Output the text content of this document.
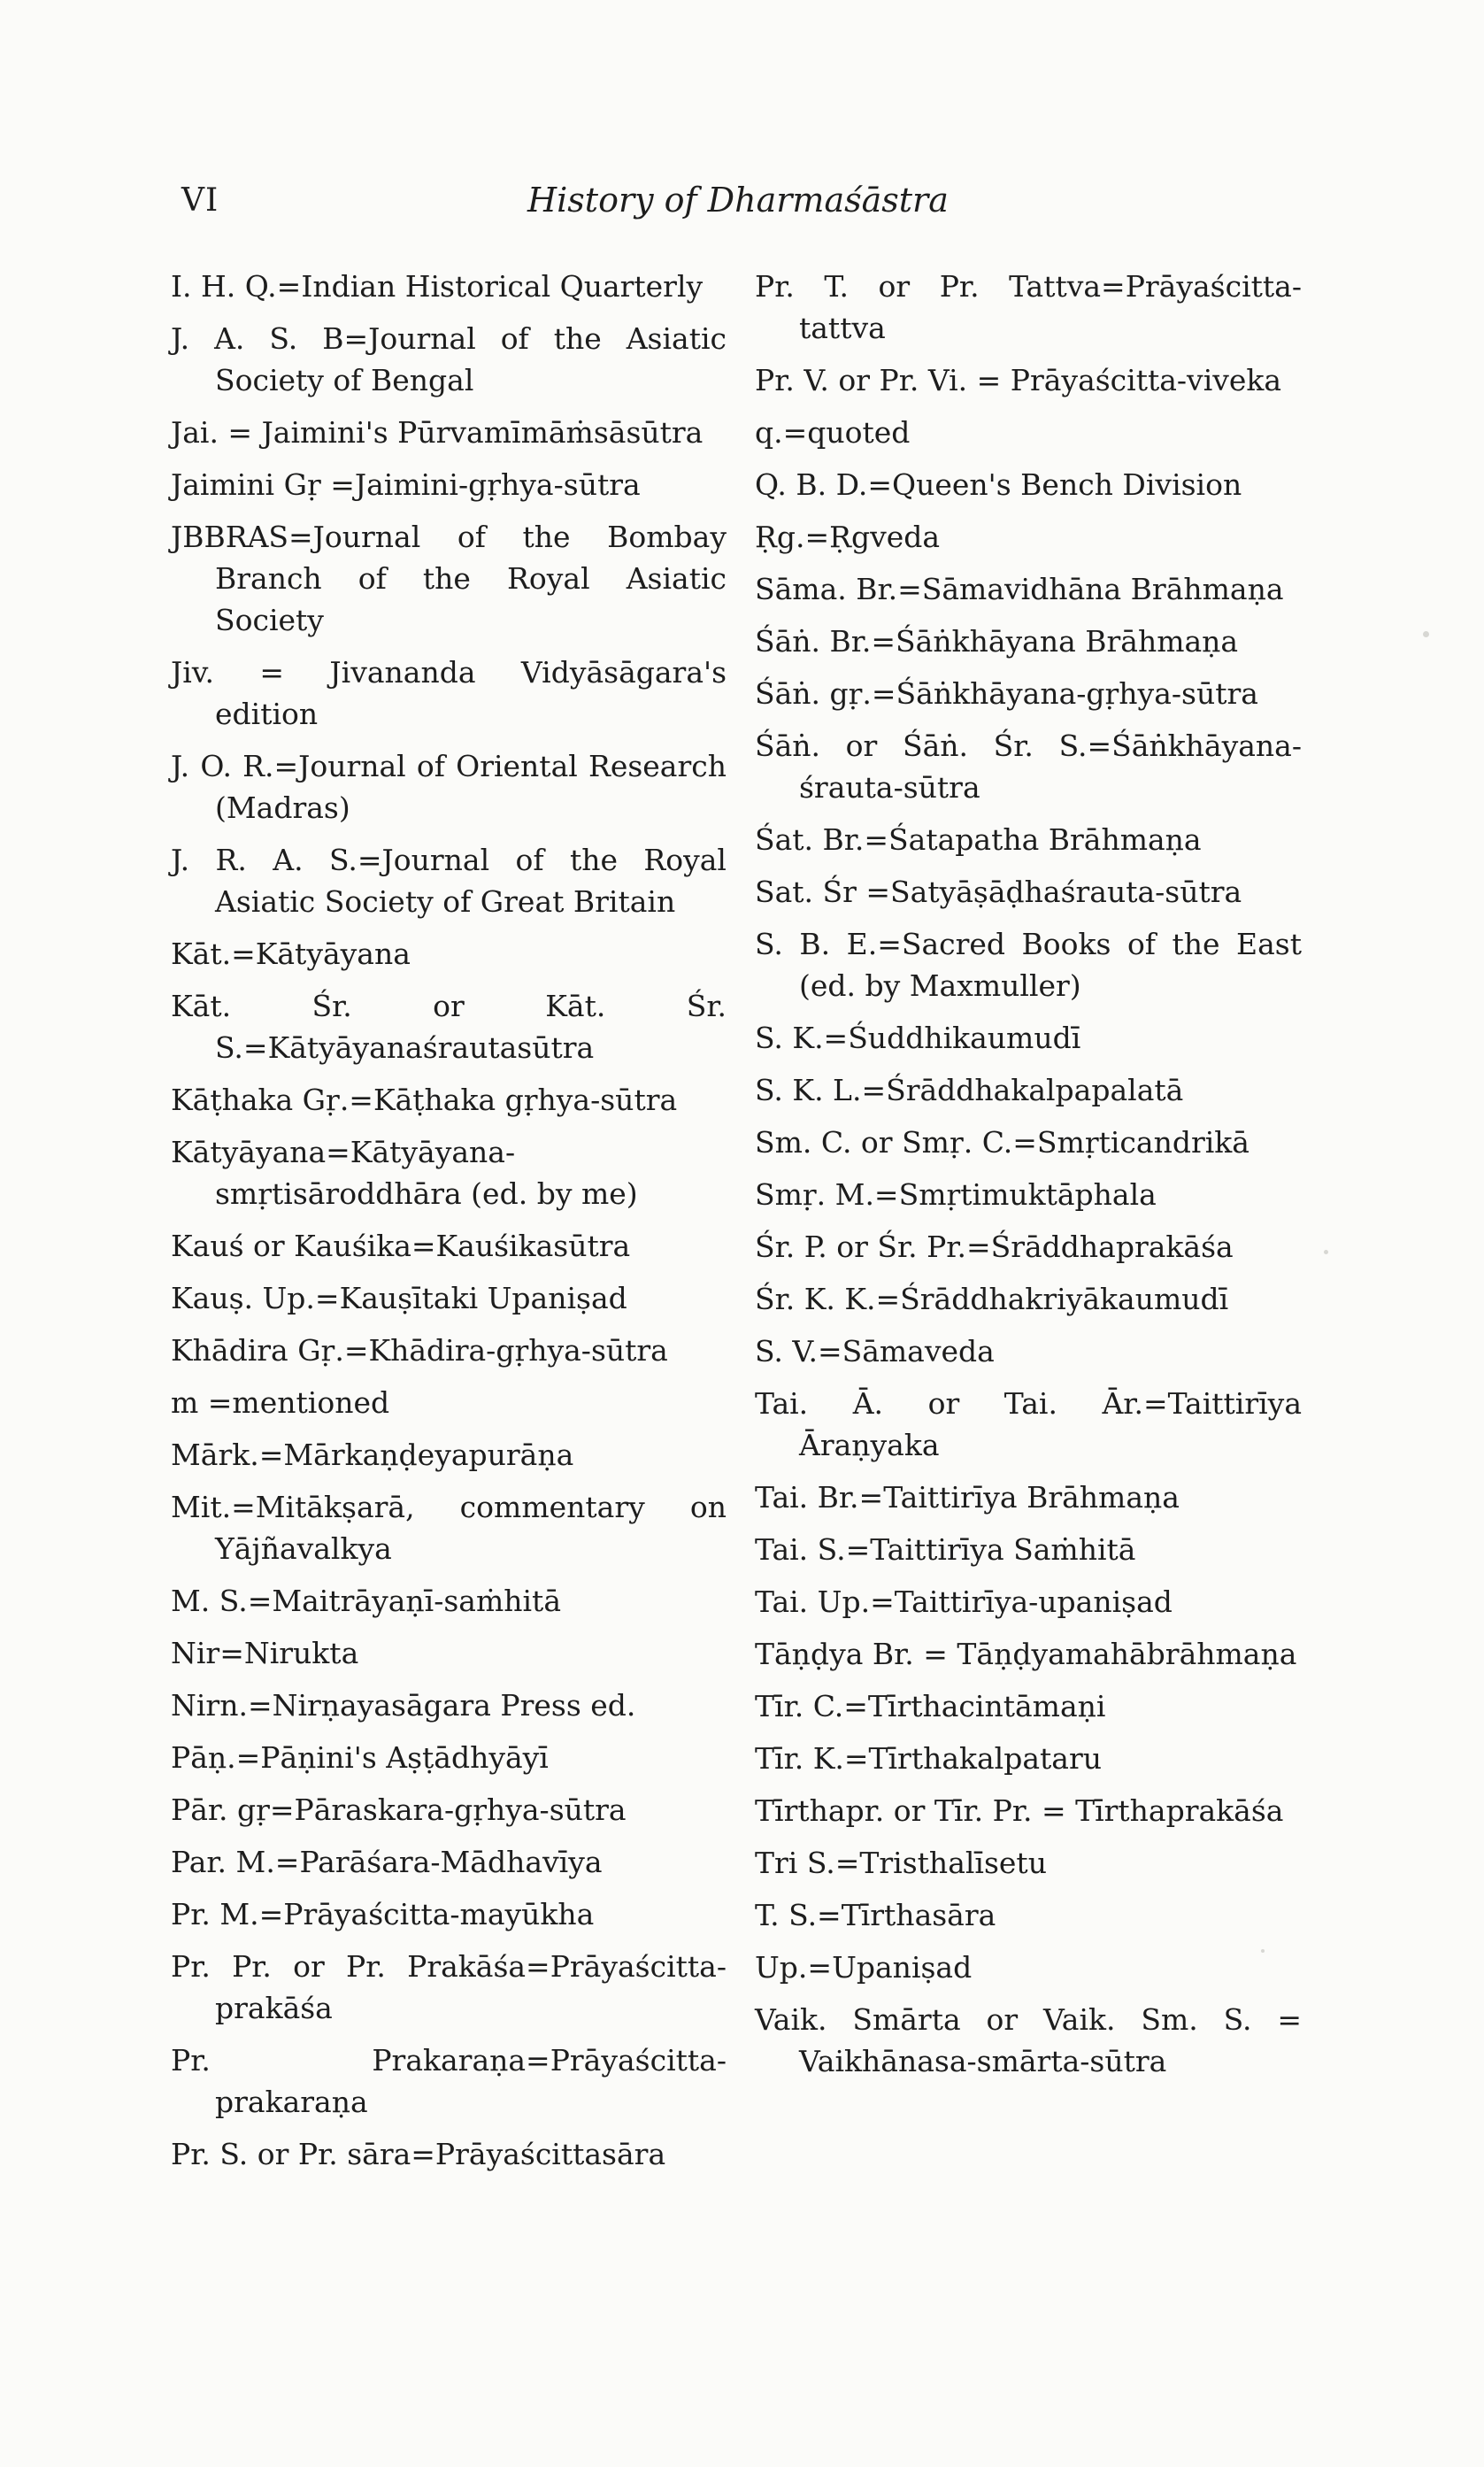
VI	History of Dharmaśāstra
I. H. Q.=Indian Historical Quarterly
J. A. S. B=Journal of the Asiatic Society of Bengal
Jai. = Jaimini's Pūrvamīmāṁsāsūtra
Jaimini Gṛ =Jaimini-gṛhya-sūtra
JBBRAS=Journal of the Bombay Branch of the Royal Asiatic Society
Jiv. = Jivananda Vidyāsāgara's edition
J. O. R.=Journal of Oriental Research (Madras)
J. R. A. S.=Journal of the Royal Asiatic Society of Great Britain
Kāt.=Kātyāyana
Kāt. Śr. or Kāt. Śr. S.=Kātyāyanaśrautasūtra
Kāṭhaka Gṛ.=Kāṭhaka gṛhya-sūtra
Kātyāyana=Kātyāyana-smṛtisāroddhāra (ed. by me)
Kauś or Kauśika=Kauśikasūtra
Kauṣ. Up.=Kauṣītaki Upaniṣad
Khādira Gṛ.=Khādira-gṛhya-sūtra
m =mentioned
Mārk.=Mārkaṇḍeyapurāṇa
Mit.=Mitākṣarā, commentary on Yājñavalkya
M. S.=Maitrāyaṇī-saṁhitā
Nir=Nirukta
Nirn.=Nirṇayasāgara Press ed.
Pāṇ.=Pāṇini's Aṣṭādhyāyī
Pār. gṛ=Pāraskara-gṛhya-sūtra
Par. M.=Parāśara-Mādhavīya
Pr. M.=Prāyaścitta-mayūkha
Pr. Pr. or Pr. Prakāśa=Prāyaścitta-prakāśa
Pr. Prakaraṇa=Prāyaścitta-prakaraṇa
Pr. S. or Pr. sāra=Prāyaścittasāra
Pr. T. or Pr. Tattva=Prāyaścitta-tattva
Pr. V. or Pr. Vi. = Prāyaścitta-viveka
q.=quoted
Q. B. D.=Queen's Bench Division
Ṛg.=Ṛgveda
Sāma. Br.=Sāmavidhāna Brāhmaṇa
Śāṅ. Br.=Śāṅkhāyana Brāhmaṇa
Śāṅ. gṛ.=Śāṅkhāyana-gṛhya-sūtra
Śāṅ. or Śāṅ. Śr. S.=Śāṅkhāyana-śrauta-sūtra
Śat. Br.=Śatapatha Brāhmaṇa
Sat. Śr =Satyāṣāḍhaśrauta-sūtra
S. B. E.=Sacred Books of the East (ed. by Maxmuller)
S. K.=Śuddhikaumudī
S. K. L.=Śrāddhakalpapalatā
Sm. C. or Smṛ. C.=Smṛticandrikā
Smṛ. M.=Smṛtimuktāphala
Śr. P. or Śr. Pr.=Śrāddhaprakāśa
Śr. K. K.=Śrāddhakriyākaumudī
S. V.=Sāmaveda
Tai. Ā. or Tai. Ār.=Taittirīya Āraṇyaka
Tai. Br.=Taittirīya Brāhmaṇa
Tai. S.=Taittirīya Saṁhitā
Tai. Up.=Taittirīya-upaniṣad
Tāṇḍya Br. = Tāṇḍyamahābrāhmaṇa
Tīr. C.=Tīrthacintāmaṇi
Tīr. K.=Tīrthakalpataru
Tīrthapr. or Tīr. Pr. = Tīrthaprakāśa
Tri S.=Tristhalīsetu
T. S.=Tīrthasāra
Up.=Upaniṣad
Vaik. Smārta or Vaik. Sm. S. = Vaikhānasa-smārta-sūtra
